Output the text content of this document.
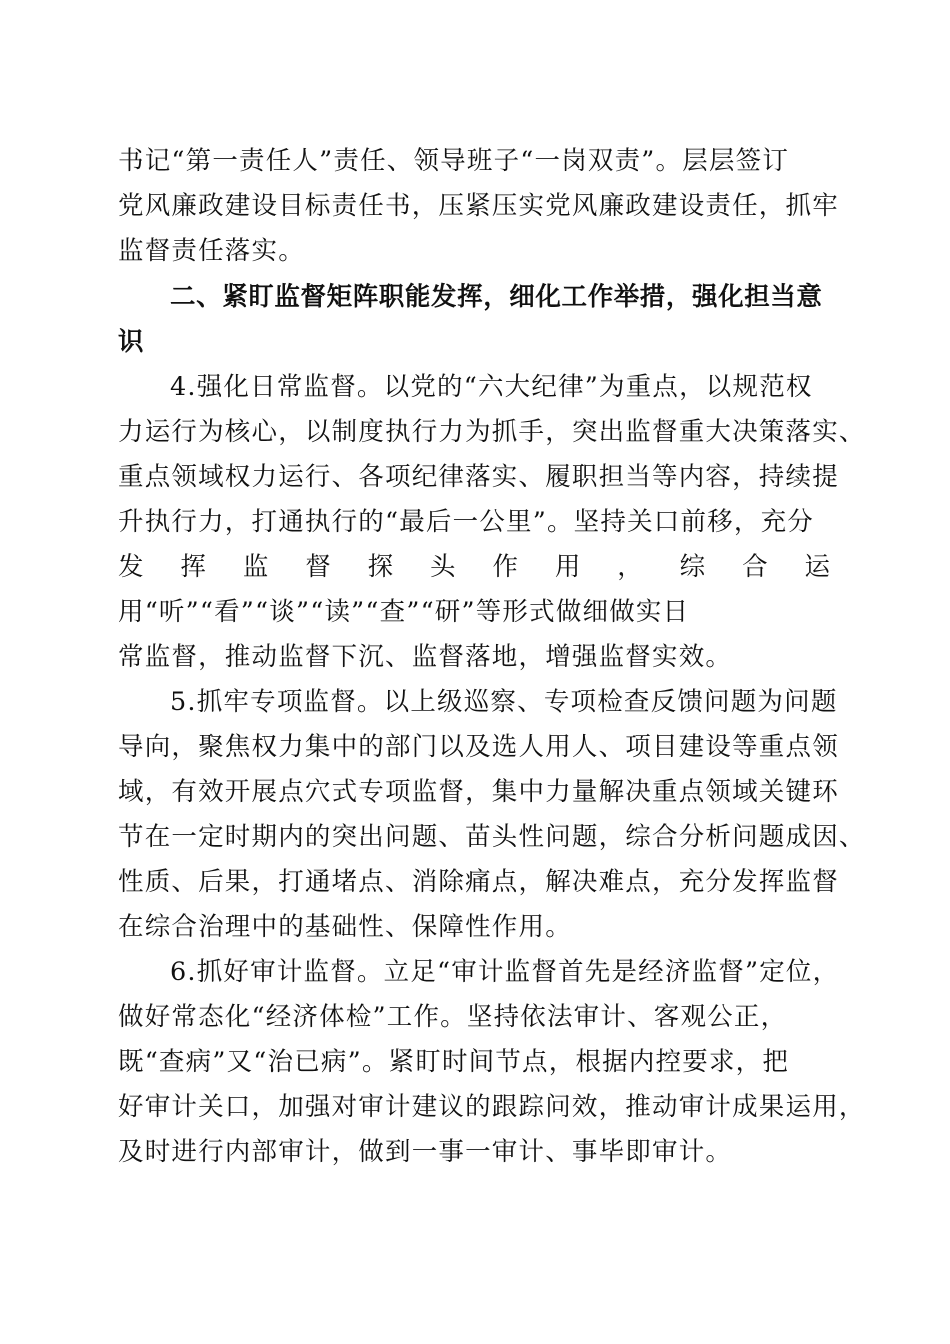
书记“第一责任人”责任、领导班子“一岗双责”。层层签订
党风廉政建设目标责任书，压紧压实党风廉政建设责任，抓牢
监督责任落实。
二、紧盯监督矩阵职能发挥，细化工作举措，强化担当意
识
4.强化日常监督。以党的“六大纪律”为重点，以规范权
力运行为核心，以制度执行力为抓手，突出监督重大决策落实、
重点领域权力运行、各项纪律落实、履职担当等内容，持续提
升执行力，打通执行的“最后一公里”。坚持关口前移，充分
发 挥 监 督 探 头 作 用 ， 综 合 运
用“听”“看”“谈”“读”“查”“研”等形式做细做实日
常监督，推动监督下沉、监督落地，增强监督实效。
5.抓牢专项监督。以上级巡察、专项检查反馈问题为问题
导向，聚焦权力集中的部门以及选人用人、项目建设等重点领
域，有效开展点穴式专项监督，集中力量解决重点领域关键环
节在一定时期内的突出问题、苗头性问题，综合分析问题成因、
性质、后果，打通堵点、消除痛点，解决难点，充分发挥监督
在综合治理中的基础性、保障性作用。
6.抓好审计监督。立足“审计监督首先是经济监督”定位，
做好常态化“经济体检”工作。坚持依法审计、客观公正，
既“查病”又“治已病”。紧盯时间节点，根据内控要求，把
好审计关口，加强对审计建议的跟踪问效，推动审计成果运用，
及时进行内部审计，做到一事一审计、事毕即审计。
